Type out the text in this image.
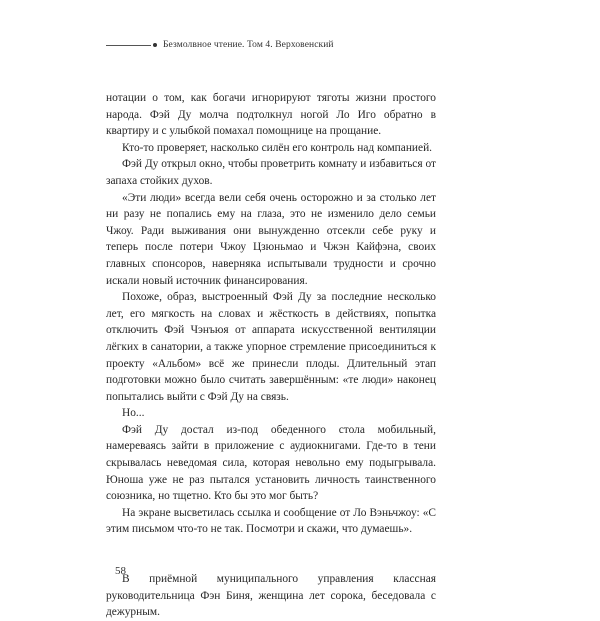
Безмолвное чтение. Том 4. Верховенский

нотации о том, как богачи игнорируют тяготы жизни простого народа. Фэй Ду молча подтолкнул ногой Ло Иго обратно в квартиру и с улыбкой помахал помощнице на прощание.

Кто-то проверяет, насколько силён его контроль над компанией.

Фэй Ду открыл окно, чтобы проветрить комнату и избавиться от запаха стойких духов.

«Эти люди» всегда вели себя очень осторожно и за столько лет ни разу не попались ему на глаза, это не изменило дело семьи Чжоу. Ради выживания они вынужденно отсекли себе руку и теперь после потери Чжоу Цзюньмао и Чжэн Кайфэна, своих главных спонсоров, наверняка испытывали трудности и срочно искали новый источник финансирования.

Похоже, образ, выстроенный Фэй Ду за последние несколько лет, его мягкость на словах и жёсткость в действиях, попытка отключить Фэй Чэнъюя от аппарата искусственной вентиляции лёгких в санатории, а также упорное стремление присоединиться к проекту «Альбом» всё же принесли плоды. Длительный этап подготовки можно было считать завершённым: «те люди» наконец попытались выйти с Фэй Ду на связь.

Но...

Фэй Ду достал из-под обеденного стола мобильный, намереваясь зайти в приложение с аудиокнигами. Где-то в тени скрывалась неведомая сила, которая невольно ему подыгрывала. Юноша уже не раз пытался установить личность таинственного союзника, но тщетно. Кто бы это мог быть?

На экране высветилась ссылка и сообщение от Ло Вэньчжоу: «С этим письмом что-то не так. Посмотри и скажи, что думаешь».

В приёмной муниципального управления классная руководительница Фэн Биня, женщина лет сорока, беседовала с дежурным.

58
